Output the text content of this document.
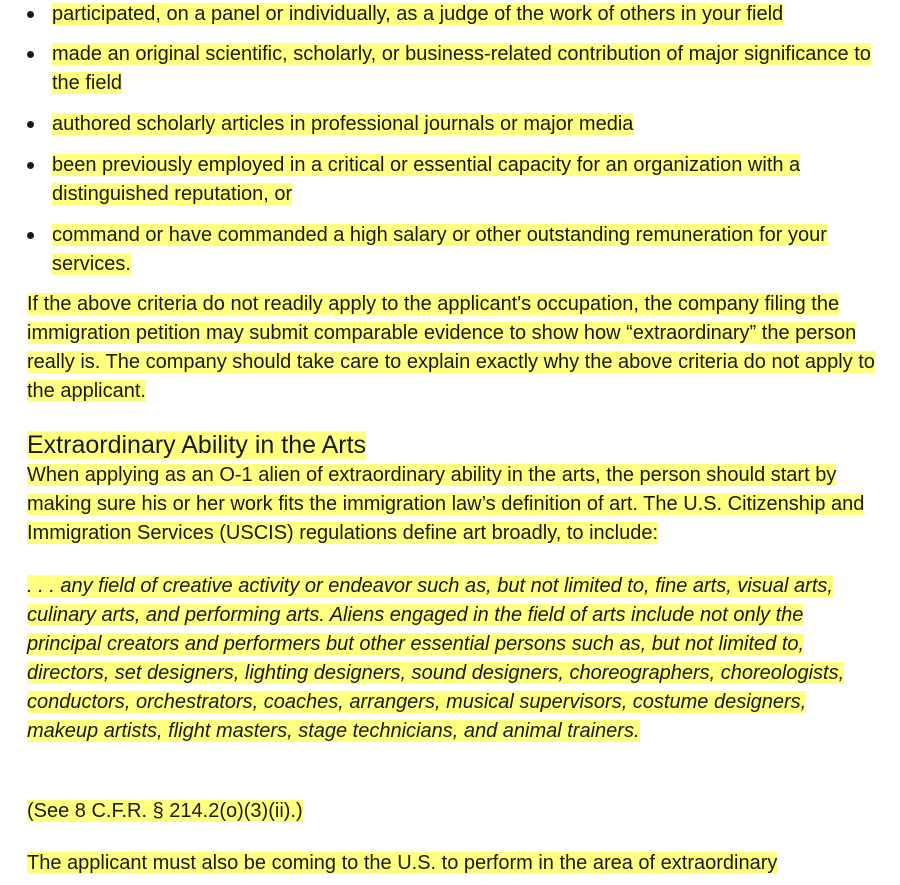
participated, on a panel or individually, as a judge of the work of others in your field
made an original scientific, scholarly, or business-related contribution of major significance to the field
authored scholarly articles in professional journals or major media
been previously employed in a critical or essential capacity for an organization with a distinguished reputation, or
command or have commanded a high salary or other outstanding remuneration for your services.

If the above criteria do not readily apply to the applicant's occupation, the company filing the immigration petition may submit comparable evidence to show how “extraordinary” the person really is. The company should take care to explain exactly why the above criteria do not apply to the applicant.

Extraordinary Ability in the Arts

When applying as an O-1 alien of extraordinary ability in the arts, the person should start by making sure his or her work fits the immigration law’s definition of art. The U.S. Citizenship and Immigration Services (USCIS) regulations define art broadly, to include:

. . . any field of creative activity or endeavor such as, but not limited to, fine arts, visual arts, culinary arts, and performing arts. Aliens engaged in the field of arts include not only the principal creators and performers but other essential persons such as, but not limited to, directors, set designers, lighting designers, sound designers, choreographers, choreologists, conductors, orchestrators, coaches, arrangers, musical supervisors, costume designers, makeup artists, flight masters, stage technicians, and animal trainers.

(See 8 C.F.R. § 214.2(o)(3)(ii).)

The applicant must also be coming to the U.S. to perform in the area of extraordinary
